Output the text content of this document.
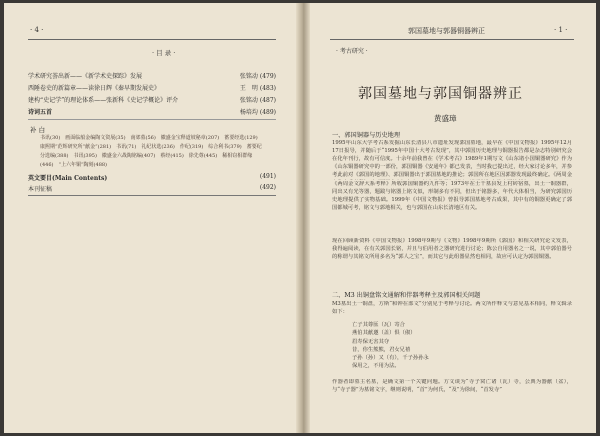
· 4 ·
· 目 录 ·
学术研究荟出新——《新学术史探踪》发展	张铭动 (479)
西陲卷史的新篇章——读徐日辉《秦早期发展史》	王　明 (483)
建构“史记学”的理论体系——张新科《史记学概论》评介	张铭动 (487)
诗词五首	杨培均 (489)
补 白
书讯(30)　画面临船金编陶文资展(35)　南郊墓(56)　徽盛金宝释道坡秘章(207)　蓄要经选(129)
康熙期“范辉研究所“献金”(281)　书讯(71)　礼纪状选(236)　作纪(319)　综合利书(379)　蓄要纪
分选编(388)　书讯(395)　徽盛金六战陶铭编(407)　蔡经(415)　徐先尊(445)　稀相窃相群缘
(446)　“上六年铜”陶刻(488)
英文要目(Main Contents)	(491)
本刊征稿	(492)
郭国墓地与郭器铜器辨正	· 1 ·
· 考古研究 ·
郭国墓地与郭国铜器辨正
黄盛璋
一、郭国铜器与历史地理
1995年山东大学考古系发掘山东长清县八市遗址发现郭国墓地，最早在《中国文物报》1995年12月17日报导，并随后于“1995年中国十大考古发现”，其中郭国历史地理与铜器报告都是杂志特别研究会在化年刊行，故有可信度。十余年前我曾在《学术考古》1989年1期写文《山东诸小国铜器研究》作为《山东铜器研究中的一部份，郭国铜器《安通年》都已发表，当时我已提出过，经大家讨论多年，并参考此前对《郭国的地理》、郭国铜器出于郭国墓地的推论；郭国所在地区因郭器发现最终确定。《两周金
《两周金文辞大系考释》所收郭国铜器约九件等；1973年在士干墓县发上村砖宿墓，出土一铜器群，同出又有光等器，题跋与铭器上铭文似，形制多有不同，但出于铭器多，年代大体相当，为研究郭国历史地理提供了实物基础。1999年《中国文物报》曾报导郭国墓地考古成果，其中有的铜器更确定了郭国都城可考，铭文与郭地相关，也与郭国在山东长清地区有关。
现在回顾新资料《中国文物报》1998年9期与《文物》1998年9期所《郭国》和相关研究论文发表，我得遍阅读，在有关郭国长铭，并且与伯用者之器研究进行讨论；陈公自用器名之一说，其中郭伯器号的称谓与其铭文所用多名为“郭人之宝”，而其它与此组器显然也相同，故应可认定为郭国铜器。
二、M3 出铜盘铭文通解和伴器考释主及郭国相关问题
M3墓出土一铜盘，方斯“和钟在部文”分别见于考释与讨论。两文所作释文与意见基本相同，释文辑录如下：
亡子其尊匜（瓦）寄合
燕伯其献邀（盖）俱（俶）
眉寿保无害其夺
昔，你生熊熊，君女兄禧
子孙（孙）又（有），千子孙孙永
保用之，不用为法。
作器者即墓主名墓，是确文第一个关键问题。方文谈为“寺子窝亡诸（瓦）寺，公典为器献（盆），与“寺子器”为墓铭文字，继则说明，“首”为何氏，“及”为徐间，“首发寺”
